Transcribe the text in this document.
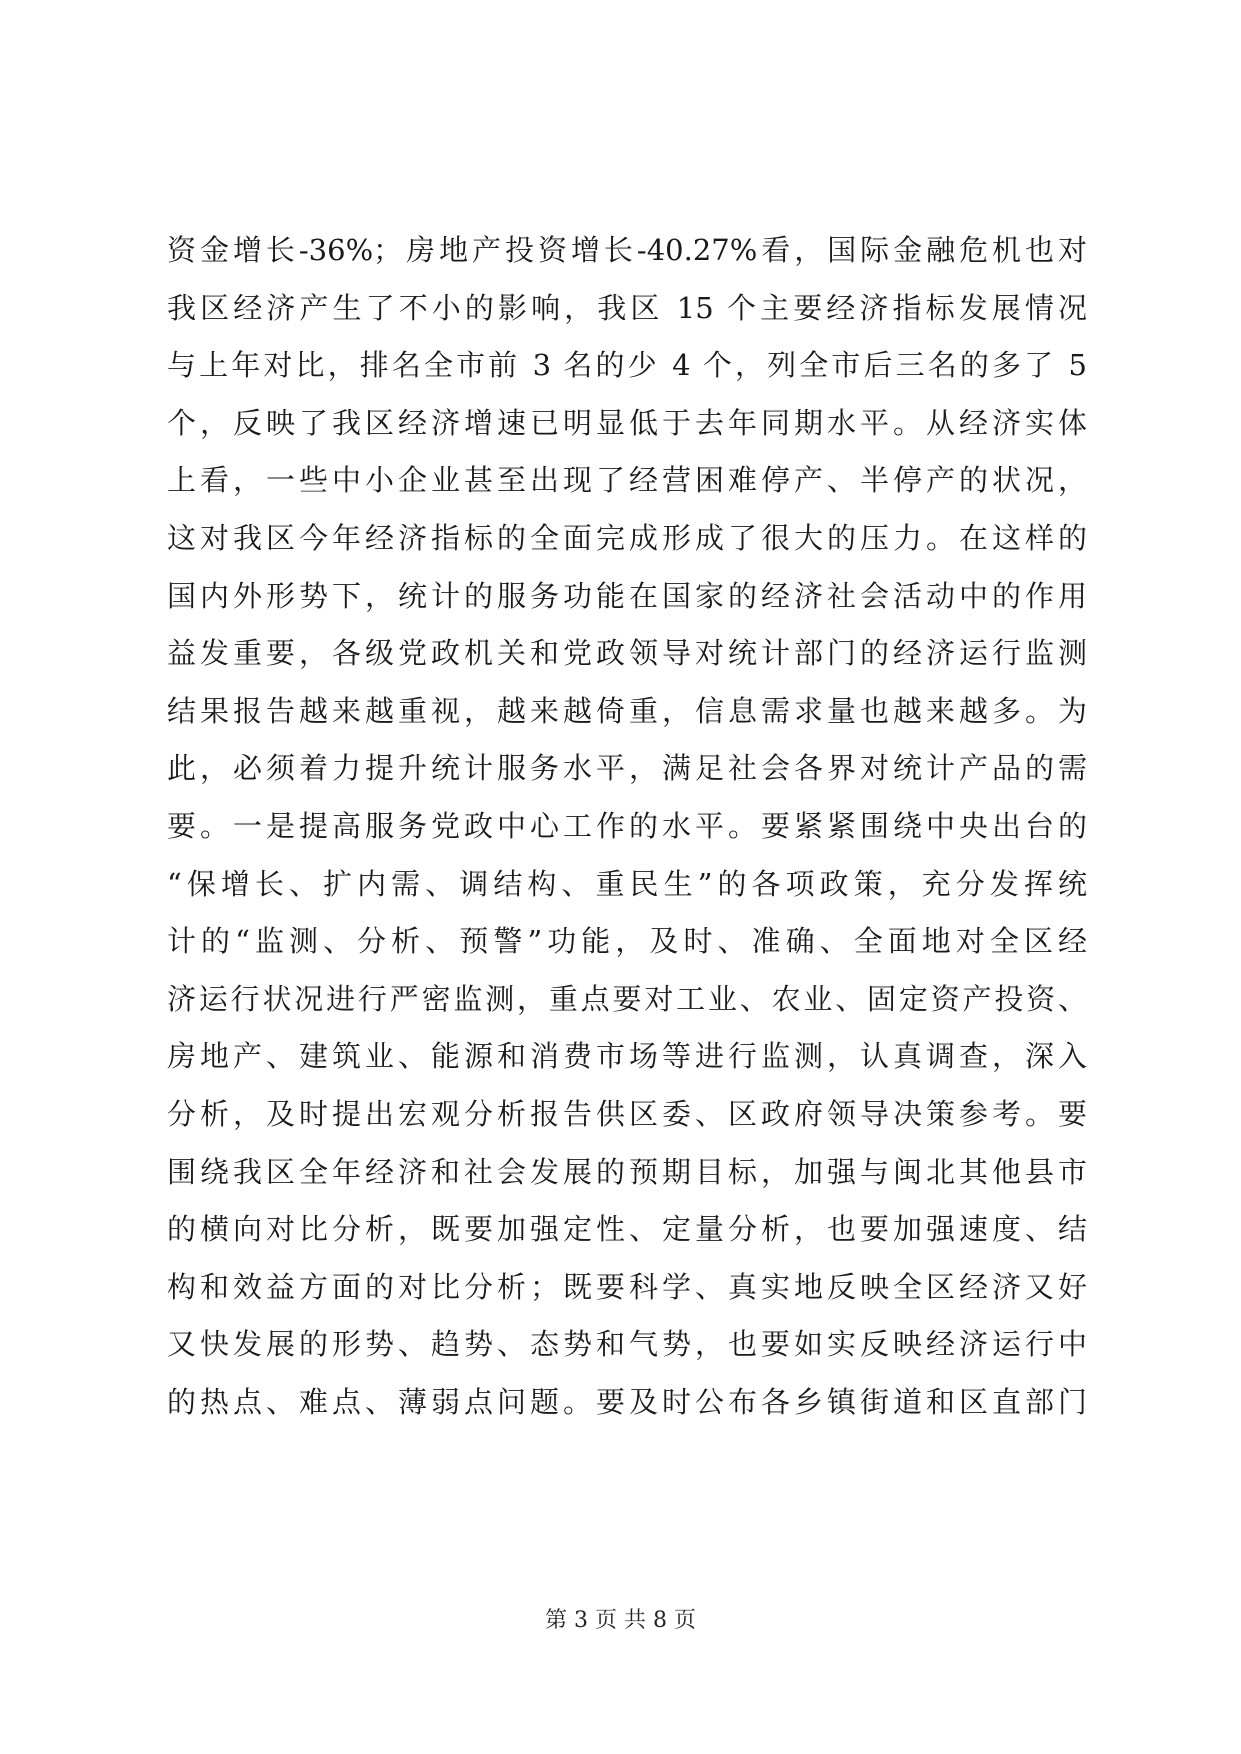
资金增长-36%；房地产投资增长-40.27%看，国际金融危机也对
我区经济产生了不小的影响，我区 15 个主要经济指标发展情况
与上年对比，排名全市前 3 名的少 4 个，列全市后三名的多了 5
个，反映了我区经济增速已明显低于去年同期水平。从经济实体
上看，一些中小企业甚至出现了经营困难停产、半停产的状况，
这对我区今年经济指标的全面完成形成了很大的压力。在这样的
国内外形势下，统计的服务功能在国家的经济社会活动中的作用
益发重要，各级党政机关和党政领导对统计部门的经济运行监测
结果报告越来越重视，越来越倚重，信息需求量也越来越多。为
此，必须着力提升统计服务水平，满足社会各界对统计产品的需
要。一是提高服务党政中心工作的水平。要紧紧围绕中央出台的
“保增长、扩内需、调结构、重民生”的各项政策，充分发挥统
计的“监测、分析、预警”功能，及时、准确、全面地对全区经
济运行状况进行严密监测，重点要对工业、农业、固定资产投资、
房地产、建筑业、能源和消费市场等进行监测，认真调查，深入
分析，及时提出宏观分析报告供区委、区政府领导决策参考。要
围绕我区全年经济和社会发展的预期目标，加强与闽北其他县市
的横向对比分析，既要加强定性、定量分析，也要加强速度、结
构和效益方面的对比分析；既要科学、真实地反映全区经济又好
又快发展的形势、趋势、态势和气势，也要如实反映经济运行中
的热点、难点、薄弱点问题。要及时公布各乡镇街道和区直部门
第 3 页 共 8 页
